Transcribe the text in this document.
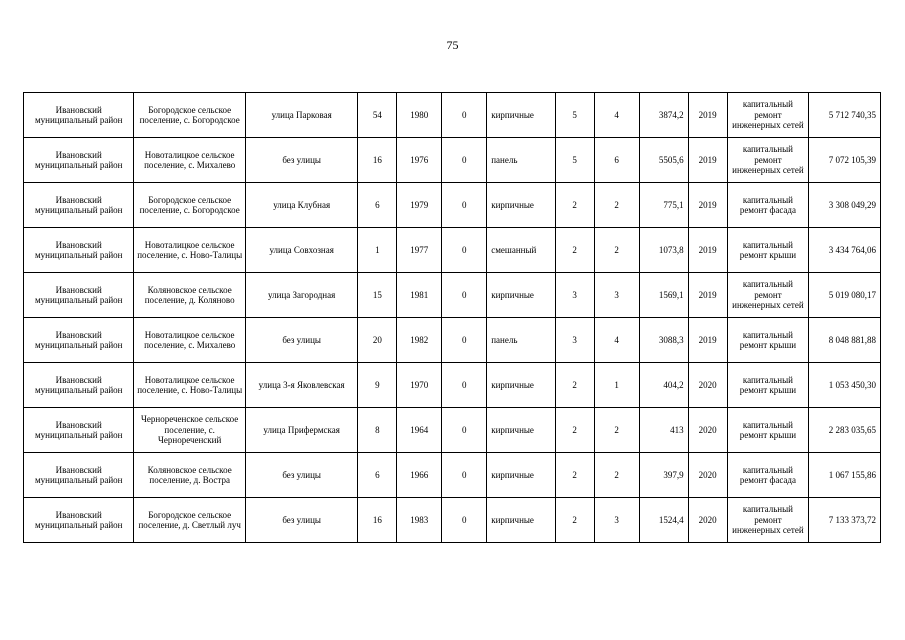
75
Ивановский муниципальный район	Богородское сельское поселение, с. Богородское	улица Парковая	54	1980	0	кирпичные	5	4	3874,2	2019	капитальный ремонт инженерных сетей	5 712 740,35
Ивановский муниципальный район	Новоталицкое сельское поселение, с. Михалево	без улицы	16	1976	0	панель	5	6	5505,6	2019	капитальный ремонт инженерных сетей	7 072 105,39
Ивановский муниципальный район	Богородское сельское поселение, с. Богородское	улица Клубная	6	1979	0	кирпичные	2	2	775,1	2019	капитальный ремонт фасада	3 308 049,29
Ивановский муниципальный район	Новоталицкое сельское поселение, с. Ново-Талицы	улица Совхозная	1	1977	0	смешанный	2	2	1073,8	2019	капитальный ремонт крыши	3 434 764,06
Ивановский муниципальный район	Коляновское сельское поселение, д. Коляново	улица Загородная	15	1981	0	кирпичные	3	3	1569,1	2019	капитальный ремонт инженерных сетей	5 019 080,17
Ивановский муниципальный район	Новоталицкое сельское поселение, с. Михалево	без улицы	20	1982	0	панель	3	4	3088,3	2019	капитальный ремонт крыши	8 048 881,88
Ивановский муниципальный район	Новоталицкое сельское поселение, с. Ново-Талицы	улица 3-я Яковлевская	9	1970	0	кирпичные	2	1	404,2	2020	капитальный ремонт крыши	1 053 450,30
Ивановский муниципальный район	Чернореченское сельское поселение, с. Чернореченский	улица Прифермская	8	1964	0	кирпичные	2	2	413	2020	капитальный ремонт крыши	2 283 035,65
Ивановский муниципальный район	Коляновское сельское поселение, д. Востра	без улицы	6	1966	0	кирпичные	2	2	397,9	2020	капитальный ремонт фасада	1 067 155,86
Ивановский муниципальный район	Богородское сельское поселение, д. Светлый луч	без улицы	16	1983	0	кирпичные	2	3	1524,4	2020	капитальный ремонт инженерных сетей	7 133 373,72
